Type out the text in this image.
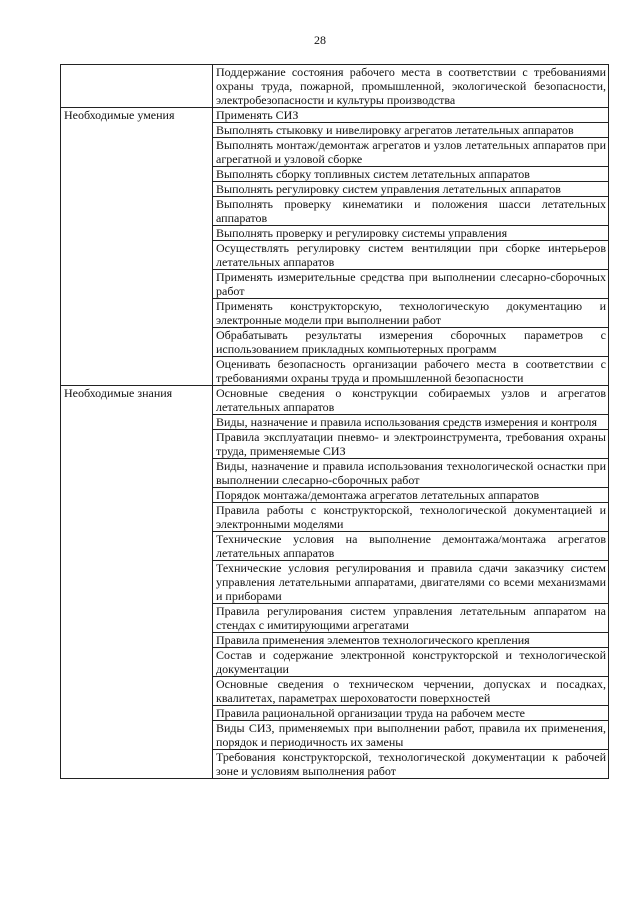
28

	Поддержание состояния рабочего места в соответствии с требованиями охраны труда, пожарной, промышленной, экологической безопасности, электробезопасности и культуры производства

Необходимые умения	Применять СИЗ

	Выполнять стыковку и нивелировку агрегатов летательных аппаратов

	Выполнять монтаж/демонтаж агрегатов и узлов летательных аппаратов при агрегатной и узловой сборке

	Выполнять сборку топливных систем летательных аппаратов

	Выполнять регулировку систем управления летательных аппаратов

	Выполнять проверку кинематики и положения шасси летательных аппаратов

	Выполнять проверку и регулировку системы управления

	Осуществлять регулировку систем вентиляции при сборке интерьеров летательных аппаратов

	Применять измерительные средства при выполнении слесарно-сборочных работ

	Применять конструкторскую, технологическую документацию и электронные модели при выполнении работ

	Обрабатывать результаты измерения сборочных параметров с использованием прикладных компьютерных программ

	Оценивать безопасность организации рабочего места в соответствии с требованиями охраны труда и промышленной безопасности

Необходимые знания	Основные сведения о конструкции собираемых узлов и агрегатов летательных аппаратов

	Виды, назначение и правила использования средств измерения и контроля

	Правила эксплуатации пневмо- и электроинструмента, требования охраны труда, применяемые СИЗ

	Виды, назначение и правила использования технологической оснастки при выполнении слесарно-сборочных работ

	Порядок монтажа/демонтажа агрегатов летательных аппаратов

	Правила работы с конструкторской, технологической документацией и электронными моделями

	Технические условия на выполнение демонтажа/монтажа агрегатов летательных аппаратов

	Технические условия регулирования и правила сдачи заказчику систем управления летательными аппаратами, двигателями со всеми механизмами и приборами

	Правила регулирования систем управления летательным аппаратом на стендах с имитирующими агрегатами

	Правила применения элементов технологического крепления

	Состав и содержание электронной конструкторской и технологической документации

	Основные сведения о техническом черчении, допусках и посадках, квалитетах, параметрах шероховатости поверхностей

	Правила рациональной организации труда на рабочем месте

	Виды СИЗ, применяемых при выполнении работ, правила их применения, порядок и периодичность их замены

	Требования конструкторской, технологической документации к рабочей зоне и условиям выполнения работ
